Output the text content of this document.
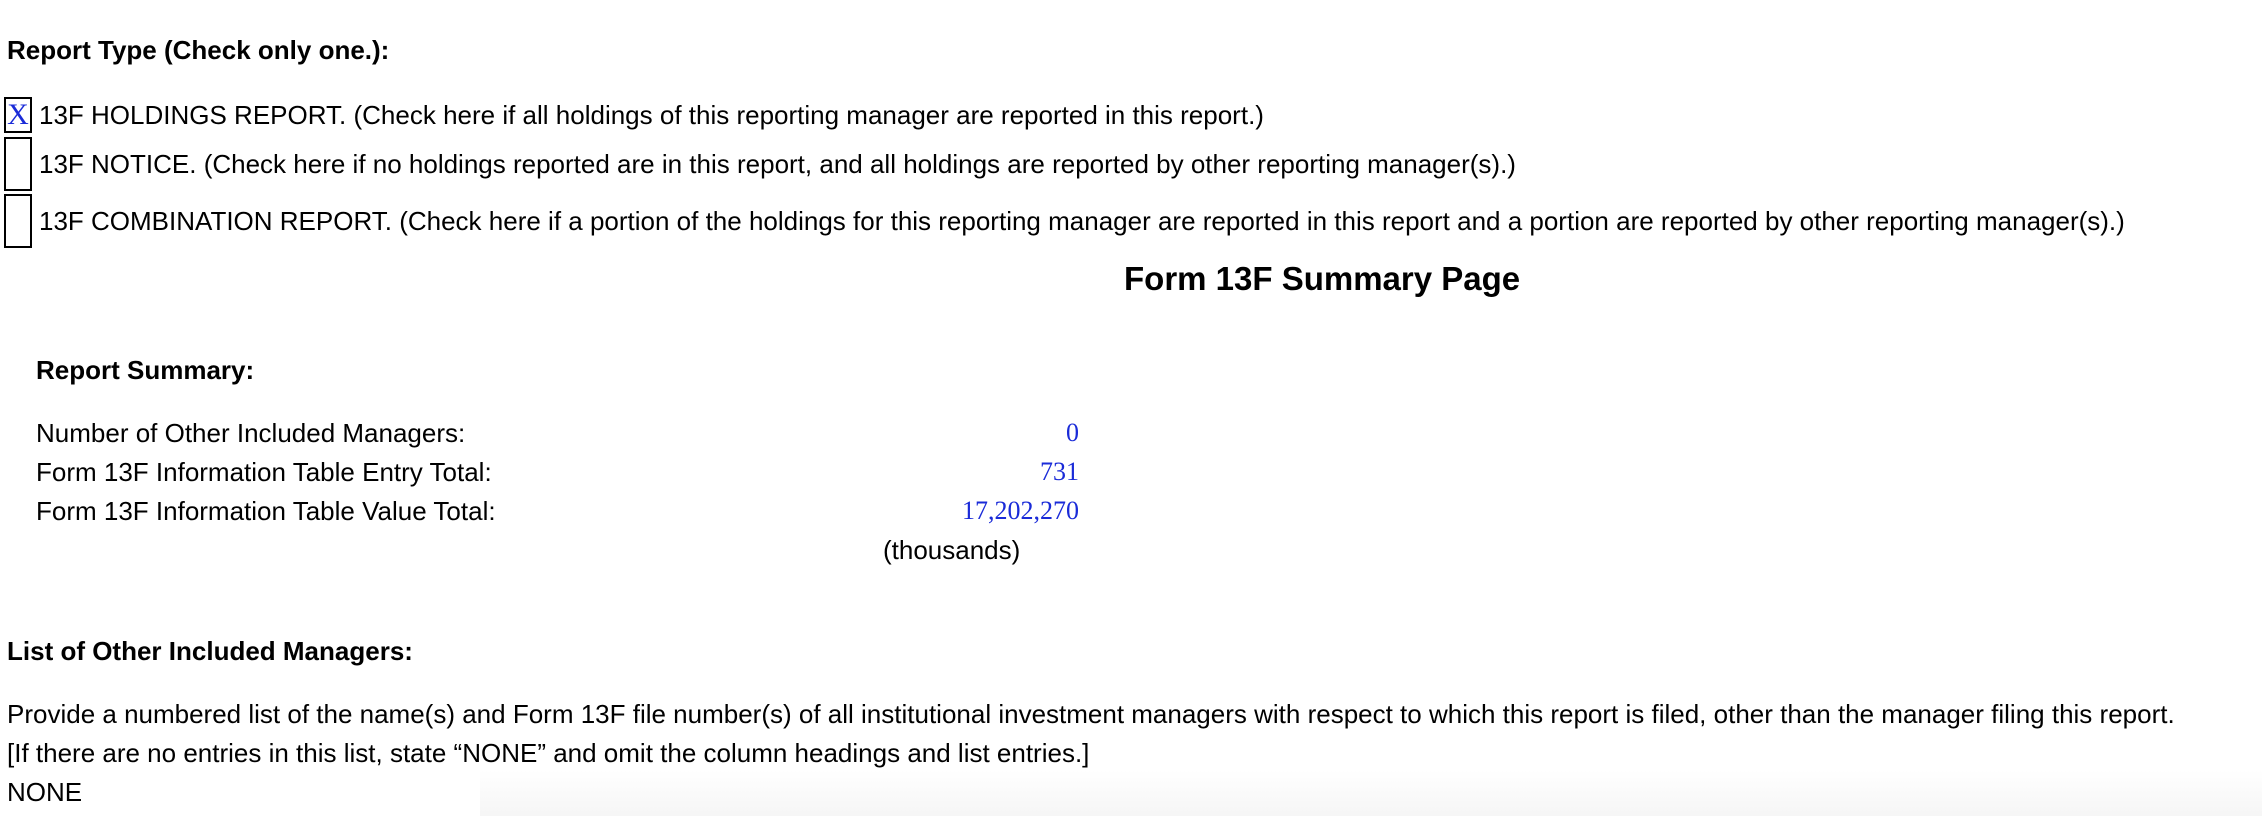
Report Type (Check only one.):
X 13F HOLDINGS REPORT. (Check here if all holdings of this reporting manager are reported in this report.)
13F NOTICE. (Check here if no holdings reported are in this report, and all holdings are reported by other reporting manager(s).)
13F COMBINATION REPORT. (Check here if a portion of the holdings for this reporting manager are reported in this report and a portion are reported by other reporting manager(s).)
Form 13F Summary Page
Report Summary:
Number of Other Included Managers:	0
Form 13F Information Table Entry Total:	731
Form 13F Information Table Value Total:	17,202,270
(thousands)
List of Other Included Managers:
Provide a numbered list of the name(s) and Form 13F file number(s) of all institutional investment managers with respect to which this report is filed, other than the manager filing this report.
[If there are no entries in this list, state “NONE” and omit the column headings and list entries.]
NONE
